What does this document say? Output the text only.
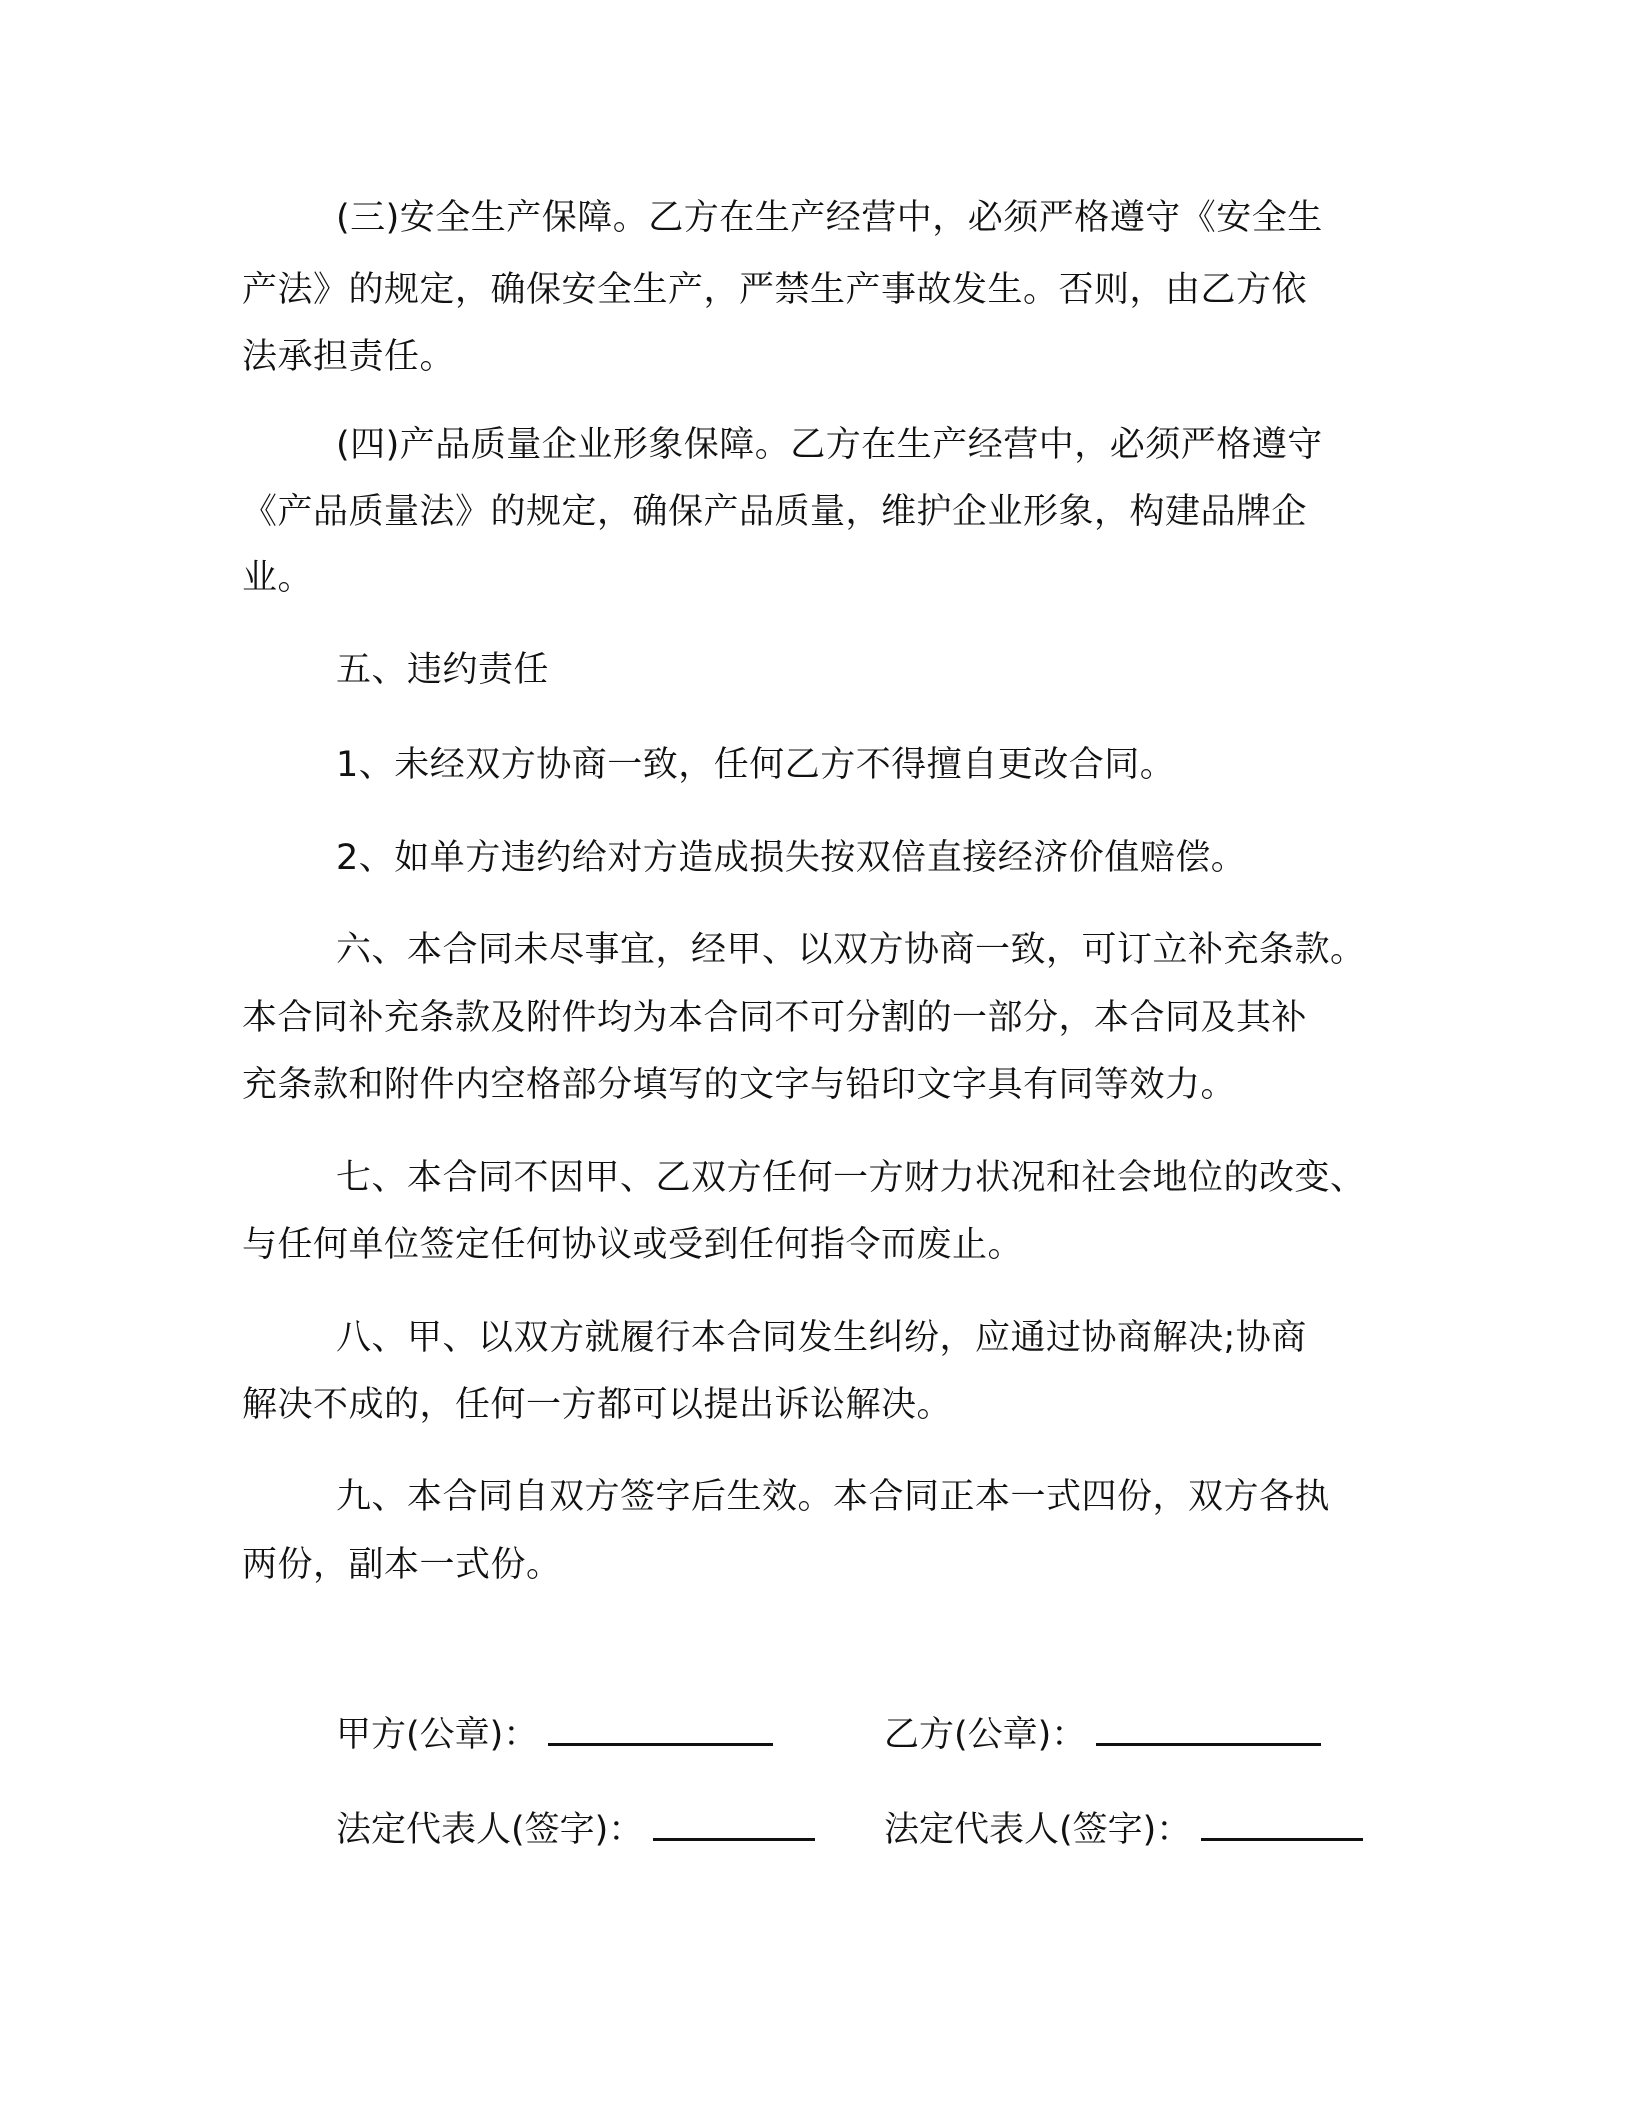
(三)安全生产保障。乙方在生产经营中，必须严格遵守《安全生
产法》的规定，确保安全生产，严禁生产事故发生。否则，由乙方依
法承担责任。
(四)产品质量企业形象保障。乙方在生产经营中，必须严格遵守
《产品质量法》的规定，确保产品质量，维护企业形象，构建品牌企
业。
五、违约责任
1、未经双方协商一致，任何乙方不得擅自更改合同。
2、如单方违约给对方造成损失按双倍直接经济价值赔偿。
六、本合同未尽事宜，经甲、以双方协商一致，可订立补充条款。
本合同补充条款及附件均为本合同不可分割的一部分，本合同及其补
充条款和附件内空格部分填写的文字与铅印文字具有同等效力。
七、本合同不因甲、乙双方任何一方财力状况和社会地位的改变、
与任何单位签定任何协议或受到任何指令而废止。
八、甲、以双方就履行本合同发生纠纷，应通过协商解决;协商
解决不成的，任何一方都可以提出诉讼解决。
九、本合同自双方签字后生效。本合同正本一式四份，双方各执
两份，副本一式份。
甲方(公章)：	乙方(公章)：
法定代表人(签字)：	法定代表人(签字)：
